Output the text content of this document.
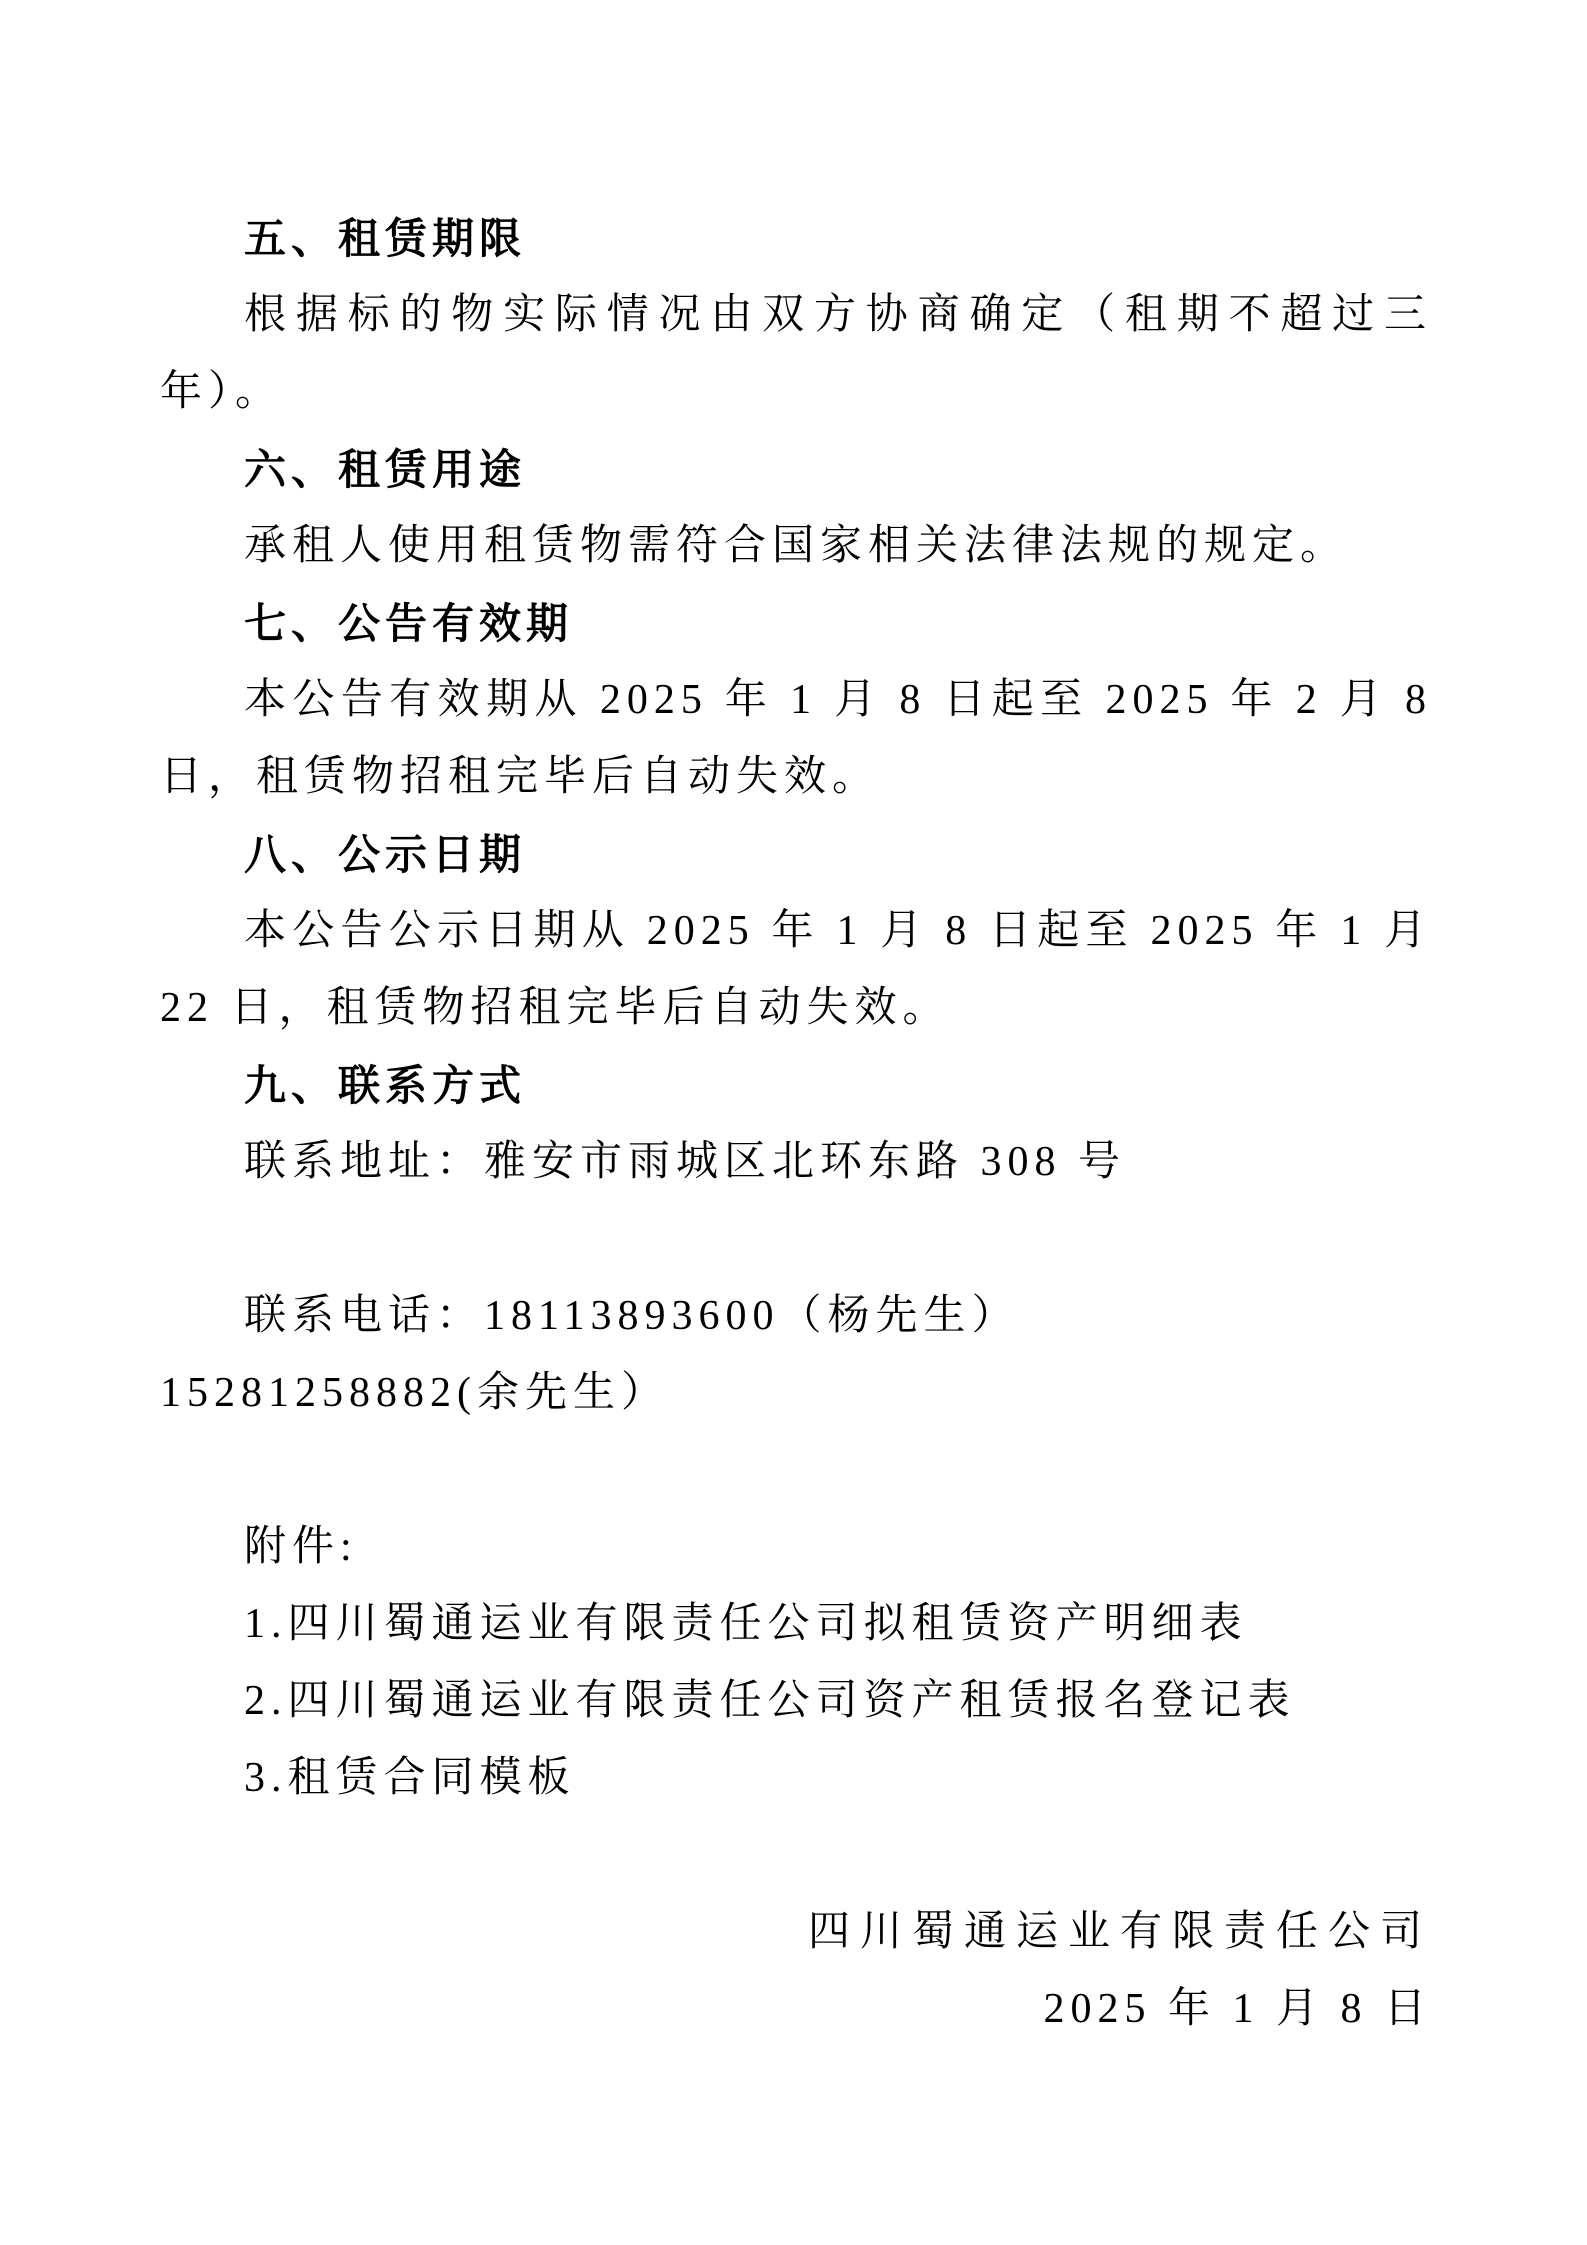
五、租赁期限

根据标的物实际情况由双方协商确定（租期不超过三年）。

六、租赁用途

承租人使用租赁物需符合国家相关法律法规的规定。

七、公告有效期

本公告有效期从 2025 年 1 月 8 日起至 2025 年 2 月 8 日，租赁物招租完毕后自动失效。

八、公示日期

本公告公示日期从 2025 年 1 月 8 日起至 2025 年 1 月 22 日，租赁物招租完毕后自动失效。

九、联系方式

联系地址：雅安市雨城区北环东路 308 号

联系电话：18113893600（杨先生）

15281258882(余先生）

附件:

1.四川蜀通运业有限责任公司拟租赁资产明细表

2.四川蜀通运业有限责任公司资产租赁报名登记表

3.租赁合同模板

四川蜀通运业有限责任公司

2025 年 1 月 8 日
